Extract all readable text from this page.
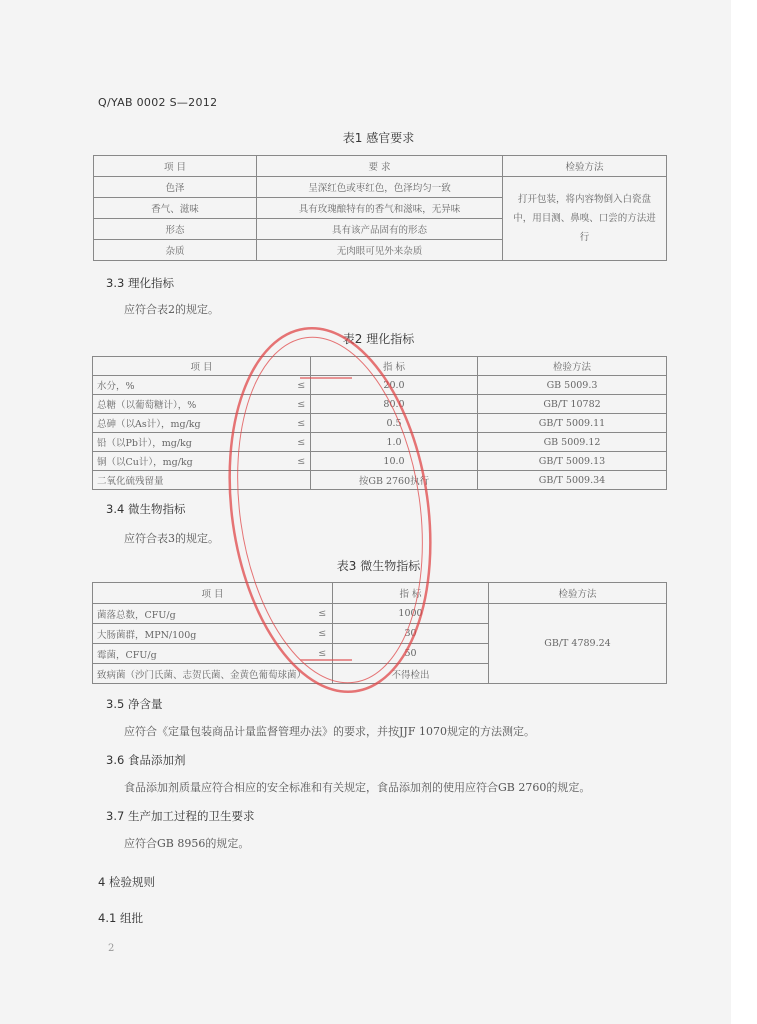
Q/YAB 0002 S—2012
表1 感官要求
项 目	要 求	检验方法
色泽	呈深红色或枣红色，色泽均匀一致	打开包装，将内容物倒入白瓷盘中，用目测、鼻嗅、口尝的方法进行
香气、滋味	具有玫瑰酿特有的香气和滋味，无异味	
形态	具有该产品固有的形态	
杂质	无肉眼可见外来杂质	
3.3 理化指标
应符合表2的规定。
表2 理化指标
项 目		指 标	检验方法
水分，%	≤	20.0	GB 5009.3
总糖（以葡萄糖计），%	≤	80.0	GB/T 10782
总砷（以As计），mg/kg	≤	0.5	GB/T 5009.11
铅（以Pb计），mg/kg	≤	1.0	GB 5009.12
铜（以Cu计），mg/kg	≤	10.0	GB/T 5009.13
二氧化硫残留量		按GB 2760执行	GB/T 5009.34
3.4 微生物指标
应符合表3的规定。
表3 微生物指标
项 目		指 标	检验方法
菌落总数，CFU/g	≤	1000	GB/T 4789.24
大肠菌群，MPN/100g	≤	30	
霉菌，CFU/g	≤	50	
致病菌（沙门氏菌、志贺氏菌、金黄色葡萄球菌）		不得检出	
3.5 净含量
应符合《定量包装商品计量监督管理办法》的要求，并按JJF 1070规定的方法测定。
3.6 食品添加剂
食品添加剂质量应符合相应的安全标准和有关规定，食品添加剂的使用应符合GB 2760的规定。
3.7 生产加工过程的卫生要求
应符合GB 8956的规定。
4 检验规则
4.1 组批
2
